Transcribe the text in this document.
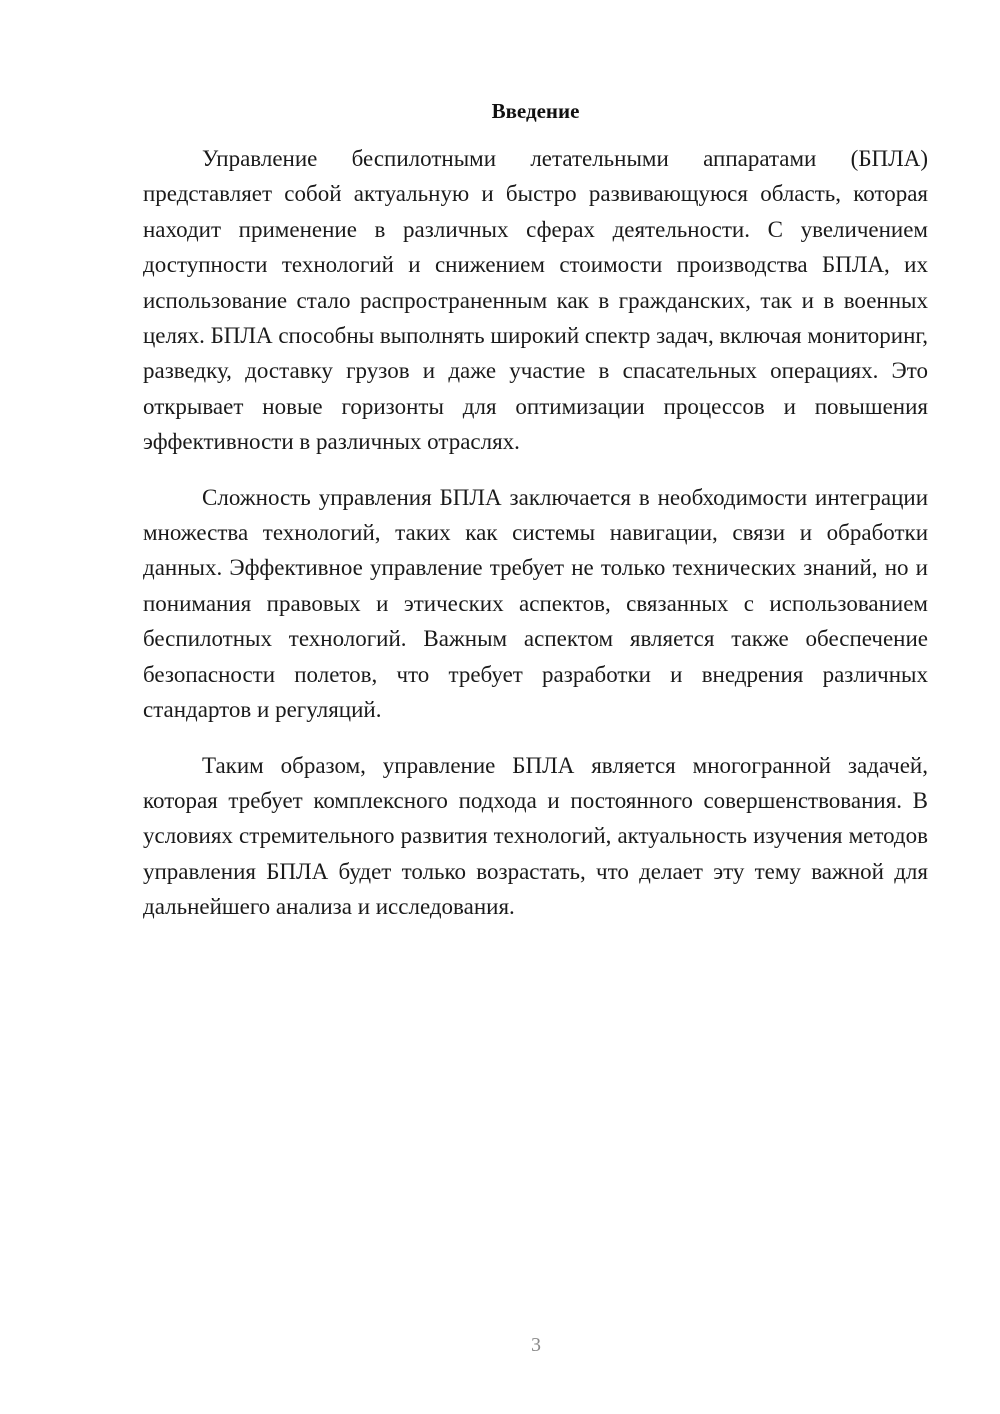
Введение

Управление беспилотными летательными аппаратами (БПЛА) представляет собой актуальную и быстро развивающуюся область, которая находит применение в различных сферах деятельности. С увеличением доступности технологий и снижением стоимости производства БПЛА, их использование стало распространенным как в гражданских, так и в военных целях. БПЛА способны выполнять широкий спектр задач, включая мониторинг, разведку, доставку грузов и даже участие в спасательных операциях. Это открывает новые горизонты для оптимизации процессов и повышения эффективности в различных отраслях.

Сложность управления БПЛА заключается в необходимости интеграции множества технологий, таких как системы навигации, связи и обработки данных. Эффективное управление требует не только технических знаний, но и понимания правовых и этических аспектов, связанных с использованием беспилотных технологий. Важным аспектом является также обеспечение безопасности полетов, что требует разработки и внедрения различных стандартов и регуляций.

Таким образом, управление БПЛА является многогранной задачей, которая требует комплексного подхода и постоянного совершенствования. В условиях стремительного развития технологий, актуальность изучения методов управления БПЛА будет только возрастать, что делает эту тему важной для дальнейшего анализа и исследования.

3
